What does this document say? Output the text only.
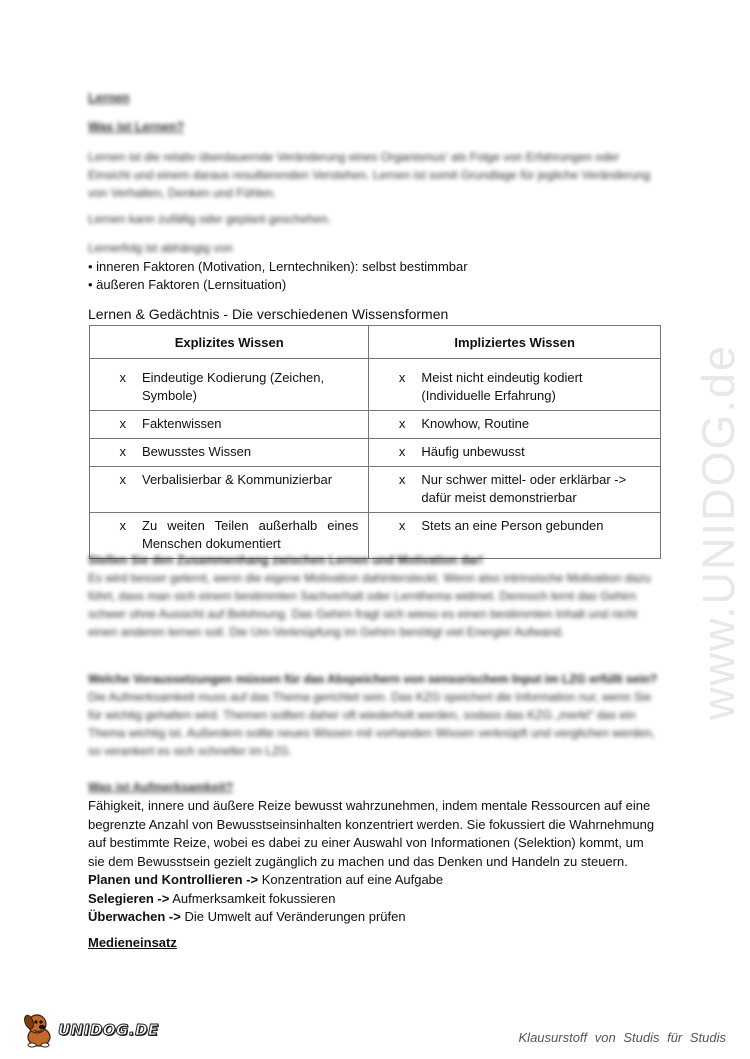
Lernen
Was ist Lernen?
Lernen ist die relativ überdauernde Veränderung eines Organismus' als Folge von Erfahrungen oder Einsicht und einem daraus resultierenden Verstehen. Lernen ist somit Grundlage für jegliche Veränderung von Verhalten, Denken und Fühlen.
Lernen kann zufällig oder geplant geschehen.
Lernerfolg ist abhängig von
• inneren Faktoren (Motivation, Lerntechniken): selbst bestimmbar
• äußeren Faktoren (Lernsituation)
Lernen & Gedächtnis - Die verschiedenen Wissensformen
Explizites Wissen	Impliziertes Wissen

x Eindeutige Kodierung (Zeichen, Symbole)	x Meist nicht eindeutig kodiert (Individuelle Erfahrung)

x Faktenwissen	x Knowhow, Routine

x Bewusstes Wissen	x Häufig unbewusst

x Verbalisierbar & Kommunizierbar	x Nur schwer mittel- oder erklärbar -> dafür meist demonstrierbar

x Zu weiten Teilen außerhalb eines Menschen dokumentiert	x Stets an eine Person gebunden
Stellen Sie den Zusammenhang zwischen Lernen und Motivation dar!
Es wird besser gelernt, wenn die eigene Motivation dahintersteckt. Wenn also intrinsische Motivation dazu führt, dass man sich einem bestimmten Sachverhalt oder Lernthema widmet. Dennoch lernt das Gehirn schwer ohne Aussicht auf Belohnung. Das Gehirn fragt sich wieso es einen bestimmten Inhalt und nicht einen anderen lernen soll. Die Um-Verknüpfung im Gehirn benötigt viel Energie/ Aufwand.
Welche Voraussetzungen müssen für das Abspeichern von sensorischem Input im LZG erfüllt sein?
Die Aufmerksamkeit muss auf das Thema gerichtet sein. Das KZG speichert die Information nur, wenn Sie für wichtig gehalten wird. Themen sollten daher oft wiederholt werden, sodass das KZG „merkt" das ein Thema wichtig ist. Außerdem sollte neues Wissen mit vorhanden Wissen verknüpft und verglichen werden, so verankert es sich schneller im LZG.
Was ist Aufmerksamkeit?

Fähigkeit, innere und äußere Reize bewusst wahrzunehmen, indem mentale Ressourcen auf eine begrenzte Anzahl von Bewusstseinsinhalten konzentriert werden. Sie fokussiert die Wahrnehmung auf bestimmte Reize, wobei es dabei zu einer Auswahl von Informationen (Selektion) kommt, um sie dem Bewusstsein gezielt zugänglich zu machen und das Denken und Handeln zu steuern.

Planen und Kontrollieren -> Konzentration auf eine Aufgabe
Selegieren -> Aufmerksamkeit fokussieren
Überwachen -> Die Umwelt auf Veränderungen prüfen
Medieneinsatz
www.UNIDOG.de
UNIDOG.DE	Klausurstoff von Studis für Studis
